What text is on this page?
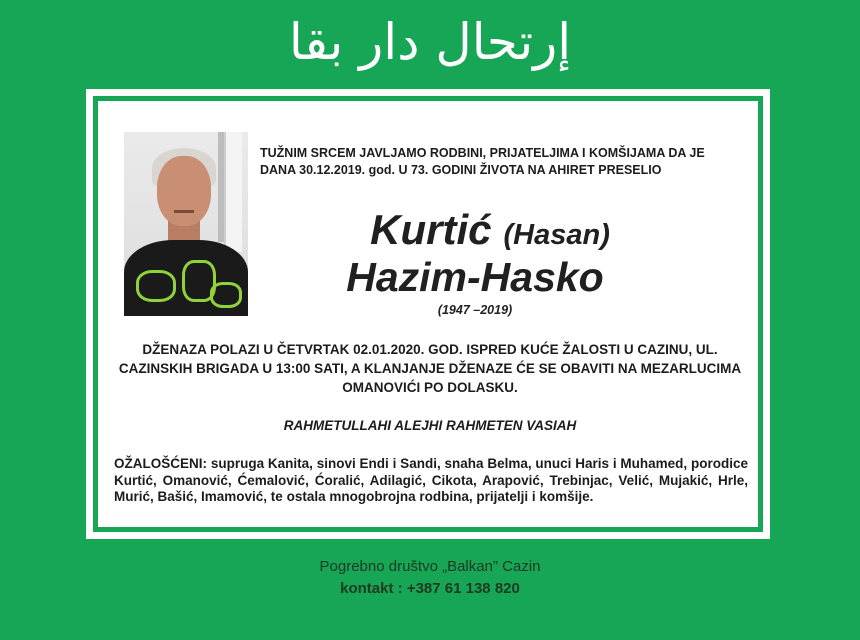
إرتحال دار بقا
TUŽNIM SRCEM JAVLJAMO RODBINI, PRIJATELJIMA I KOMŠIJAMA DA JE DANA 30.12.2019. god. U 73. GODINI ŽIVOTA NA AHIRET PRESELIO
Kurtić (Hasan)
Hazim-Hasko
(1947 –2019)
DŽENAZA POLAZI U ČETVRTAK 02.01.2020. GOD. ISPRED KUĆE ŽALOSTI U CAZINU, UL. CAZINSKIH BRIGADA U 13:00 SATI, A KLANJANJE DŽENAZE ĆE SE OBAVITI NA MEZARLUCIMA OMANOVIĆI PO DOLASKU.
RAHMETULLAHI ALEJHI RAHMETEN VASIAH
OŽALOŠĆENI: supruga Kanita, sinovi Endi i Sandi, snaha Belma, unuci Haris i Muhamed, porodice Kurtić, Omanović, Ćemalović, Ćoralić, Adilagić, Cikota, Arapović, Trebinjac, Velić, Mujakić, Hrle, Murić, Bašić, Imamović, te ostala mnogobrojna rodbina, prijatelji i komšije.
Pogrebno društvo „Balkan” Cazin
kontakt : +387 61 138 820
